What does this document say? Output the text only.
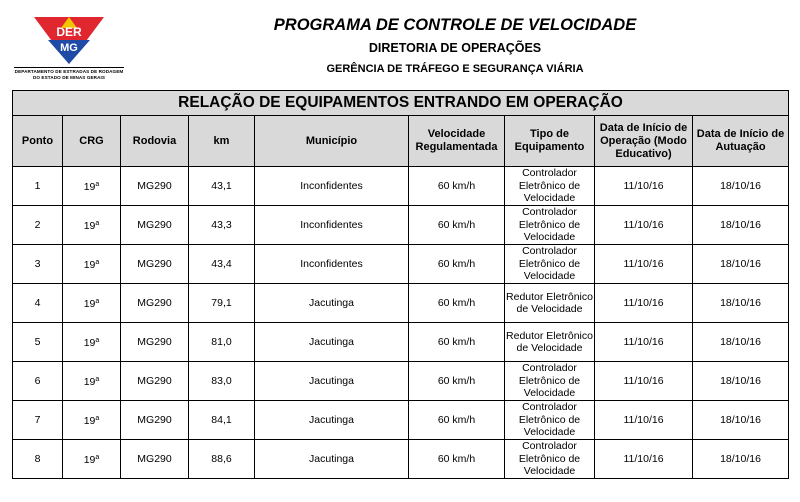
DER
MG
DEPARTAMENTO DE ESTRADAS DE RODAGEM
DO ESTADO DE MINAS GERAIS
PROGRAMA DE CONTROLE DE VELOCIDADE
DIRETORIA DE OPERAÇÕES
GERÊNCIA DE TRÁFEGO E SEGURANÇA VIÁRIA
RELAÇÃO DE EQUIPAMENTOS ENTRANDO EM OPERAÇÃO								
Ponto	CRG	Rodovia	km	Município	Velocidade Regulamentada	Tipo de Equipamento	Data de Início de Operação (Modo Educativo)	Data de Início de Autuação
1	19$^a$	MG290	43,1	Inconfidentes	60 km/h	Controlador Eletrônico de Velocidade	11/10/16	18/10/16
2	19$^a$	MG290	43,3	Inconfidentes	60 km/h	Controlador Eletrônico de Velocidade	11/10/16	18/10/16
3	19$^a$	MG290	43,4	Inconfidentes	60 km/h	Controlador Eletrônico de Velocidade	11/10/16	18/10/16
4	19$^a$	MG290	79,1	Jacutinga	60 km/h	Redutor Eletrônico de Velocidade	11/10/16	18/10/16
5	19$^a$	MG290	81,0	Jacutinga	60 km/h	Redutor Eletrônico de Velocidade	11/10/16	18/10/16
6	19$^a$	MG290	83,0	Jacutinga	60 km/h	Controlador Eletrônico de Velocidade	11/10/16	18/10/16
7	19$^a$	MG290	84,1	Jacutinga	60 km/h	Controlador Eletrônico de Velocidade	11/10/16	18/10/16
8	19$^a$	MG290	88,6	Jacutinga	60 km/h	Controlador Eletrônico de Velocidade	11/10/16	18/10/16
